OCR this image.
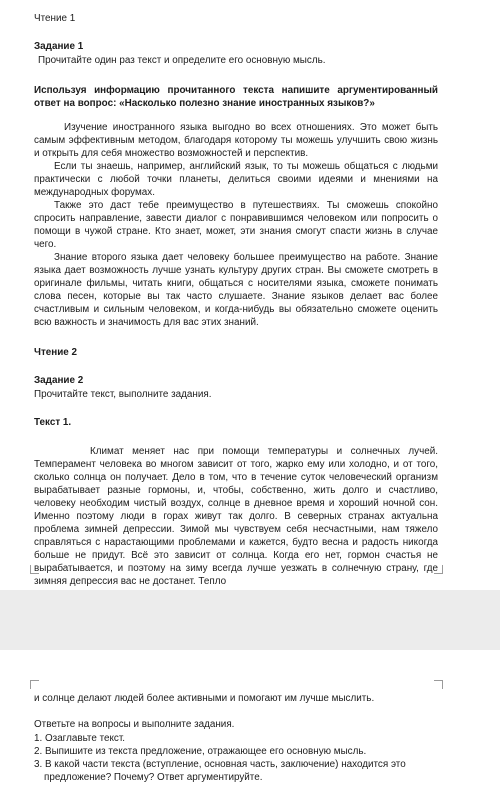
Чтение 1
Задание 1
Прочитайте один раз текст и определите его основную мысль.
Используя информацию прочитанного текста напишите аргументированный ответ на вопрос: «Насколько полезно знание иностранных языков?»
Изучение иностранного языка выгодно во всех отношениях. Это может быть самым эффективным методом, благодаря которому ты можешь улучшить свою жизнь и открыть для себя множество возможностей и перспектив.
Если ты знаешь, например, английский язык, то ты можешь общаться с людьми практически с любой точки планеты, делиться своими идеями и мнениями на международных форумах.
Также это даст тебе преимущество в путешествиях. Ты сможешь спокойно спросить направление, завести диалог с понравившимся человеком или попросить о помощи в чужой стране. Кто знает, может, эти знания смогут спасти жизнь в случае чего.
Знание второго языка дает человеку большее преимущество на работе. Знание языка дает возможность лучше узнать культуру других стран. Вы сможете смотреть в оригинале фильмы, читать книги, общаться с носителями языка, сможете понимать слова песен, которые вы так часто слушаете. Знание языков делает вас более счастливым и сильным человеком, и когда-нибудь вы обязательно сможете оценить всю важность и значимость для вас этих знаний.
Чтение 2
Задание 2
Прочитайте текст, выполните задания.
Текст 1.
Климат меняет нас при помощи температуры и солнечных лучей. Темперамент человека во многом зависит от того, жарко ему или холодно, и от того, сколько солнца он получает. Дело в том, что в течение суток человеческий организм вырабатывает разные гормоны, и, чтобы, собственно, жить долго и счастливо, человеку необходим чистый воздух, солнце в дневное время и хороший ночной сон. Именно поэтому люди в горах живут так долго. В северных странах актуальна проблема зимней депрессии. Зимой мы чувствуем себя несчастными, нам тяжело справляться с нарастающими проблемами и кажется, будто весна и радость никогда больше не придут. Всё это зависит от солнца. Когда его нет, гормон счастья не вырабатывается, и поэтому на зиму всегда лучше уезжать в солнечную страну, где зимняя депрессия вас не достанет. Тепло
и солнце делают людей более активными и помогают им лучше мыслить.
Ответьте на вопросы и выполните задания.
1. Озаглавьте текст.
2. Выпишите из текста предложение, отражающее его основную мысль.
3. В какой части текста (вступление, основная часть, заключение) находится это предложение? Почему? Ответ аргументируйте.
